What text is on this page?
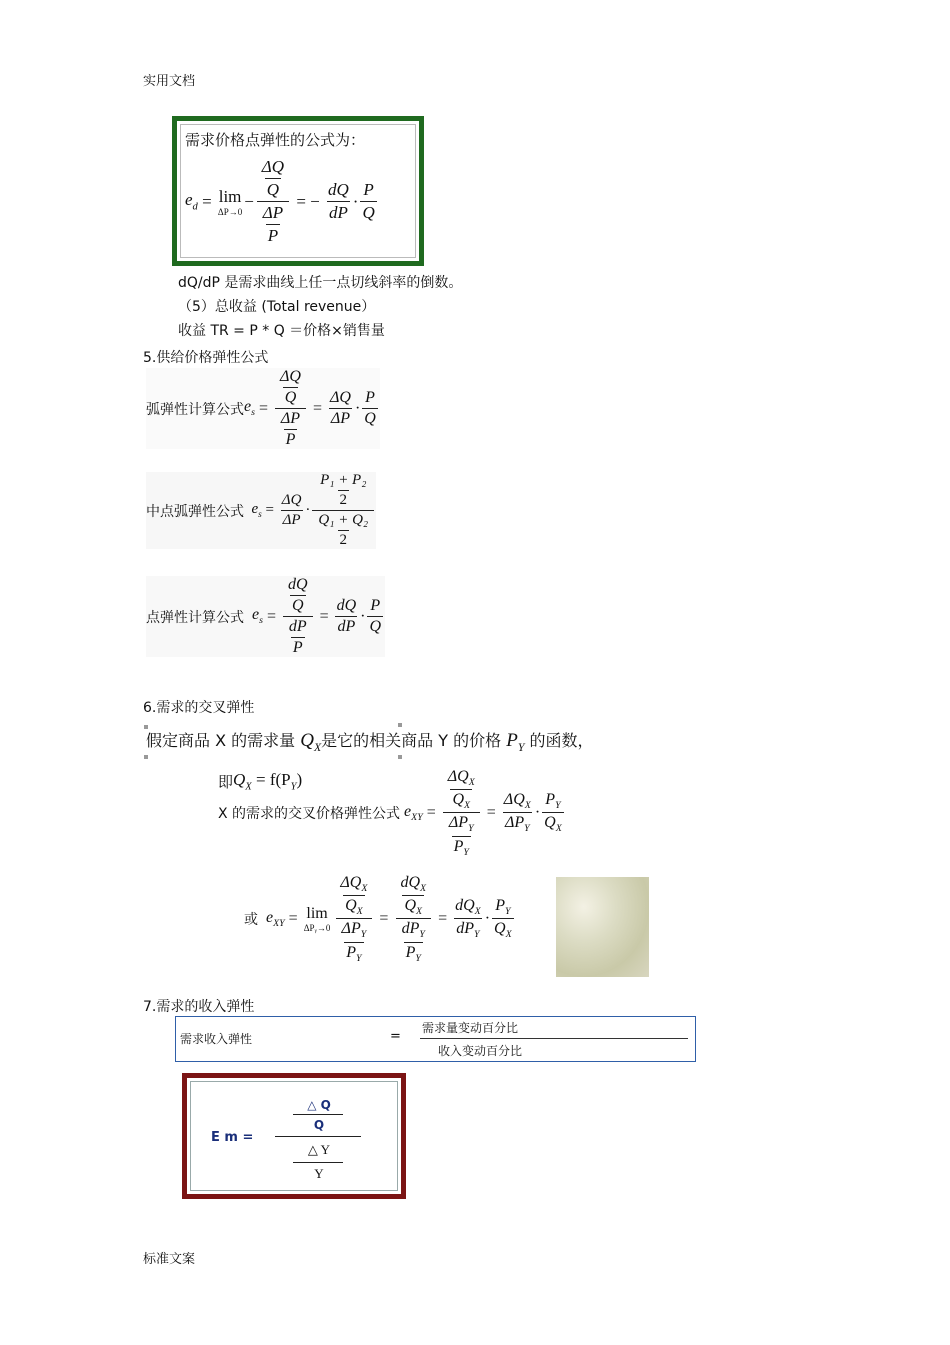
实用文档
需求价格点弹性的公式为：
$e_d = \lim$
ΔP→0
− $\frac{\frac{\Delta Q}{Q}}{\frac{\Delta P}{P}}$ = − $\frac{dQ}{dP} \cdot \frac{P}{Q}$
dQ/dP 是需求曲线上任一点切线斜率的倒数。
（5）总收益 (Total revenue）
收益 TR = P * Q ＝价格×销售量
5.供给价格弹性公式
弧弹性计算公式 $e_s = \frac{\frac{\Delta Q}{Q}}{\frac{\Delta P}{P}} = \frac{\Delta Q}{\Delta P} \cdot \frac{P}{Q}$
中点弧弹性公式 $e_s = \frac{\Delta Q}{\Delta P} \cdot \frac{\frac{\text{P₁ + P₂}}{2}}{\frac{\text{Q₁ + Q₂}}{2}}$
点弹性计算公式 $e_s = \frac{\frac{dQ}{Q}}{\frac{dP}{P}} = \frac{dQ}{dP} \cdot \frac{P}{Q}$
6.需求的交叉弹性
假定商品 X 的需求量 $Q_X$是它的相关商品 Y 的价格 $P_Y$ 的函数，
即 $Q_X = f(P_Y)$
X 的需求的交叉价格弹性公式 $e_{XY} = \frac{\frac{\Delta Q_X}{Q_X}}{\frac{\Delta P_Y}{P_Y}} = \frac{\Delta Q_X}{\Delta P_Y} \cdot \frac{P_Y}{Q_X}$
或 $e_{XY} = \lim$
ΔPᵧ→0 $\frac{\frac{\Delta Q_X}{Q_X}}{\frac{\Delta P_Y}{P_Y}} = \frac{\frac{dQ_X}{Q_X}}{\frac{dP_Y}{P_Y}} = \frac{dQ_X}{dP_Y} \cdot \frac{P_Y}{Q_X}$
7.需求的收入弹性
需求收入弹性	=
需求量变动百分比
收入变动百分比
E m =
△ Q
Q
△ Y
Y
标准文案
